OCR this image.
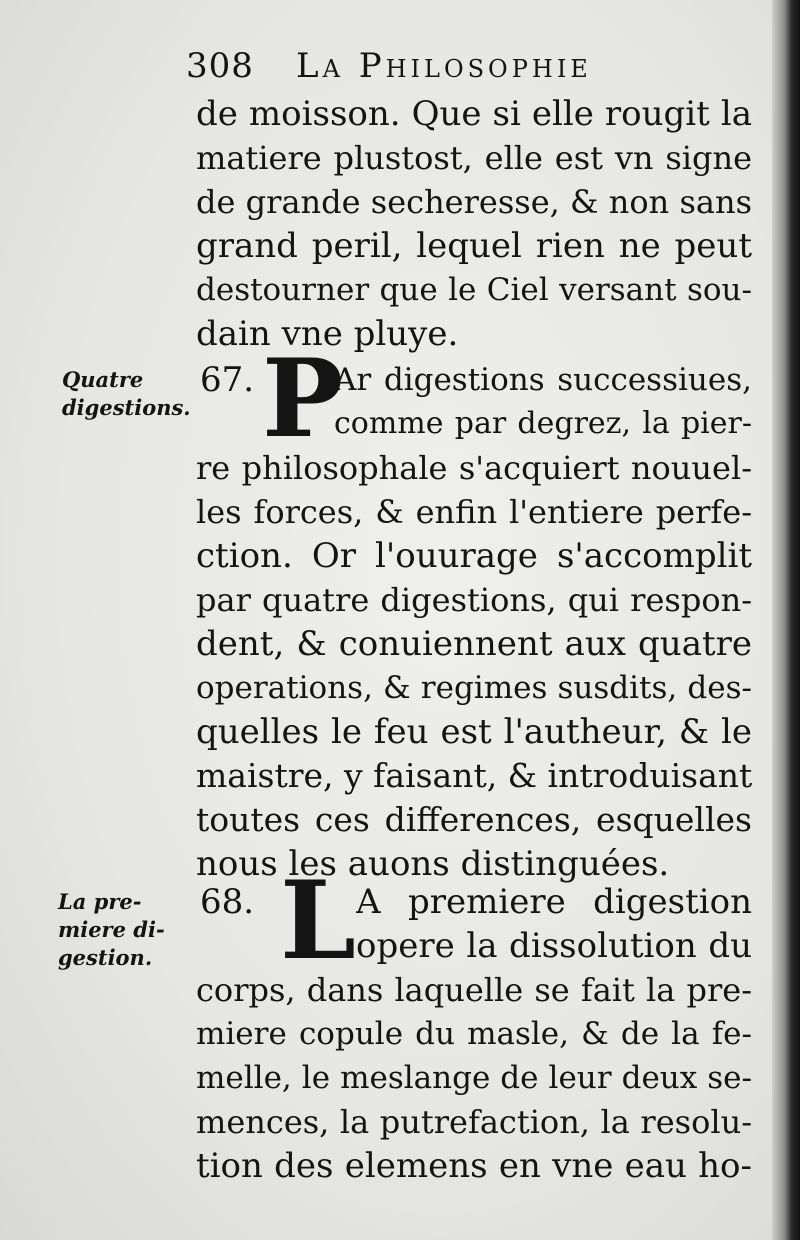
308 La Philosophie
Quatre
digestions.
La pre-
miere di-
gestion.
de moisson. Que si elle rougit la
matiere plustost, elle est vn signe
de grande secheresse, & non sans
grand peril, lequel rien ne peut
destourner que le Ciel versant sou-
dain vne pluye.
67. P
Ar digestions successiues,
comme par degrez, la pier-
re philosophale s'acquiert nouuel-
les forces, & enfin l'entiere perfe-
ction. Or l'ouurage s'accomplit
par quatre digestions, qui respon-
dent, & conuiennent aux quatre
operations, & regimes susdits, des-
quelles le feu est l'autheur, & le
maistre, y faisant, & introduisant
toutes ces differences, esquelles
nous les auons distinguées.
68. L A premiere digestion
opere la dissolution du
corps, dans laquelle se fait la pre-
miere copule du masle, & de la fe-
melle, le meslange de leur deux se-
mences, la putrefaction, la resolu-
tion des elemens en vne eau ho-
